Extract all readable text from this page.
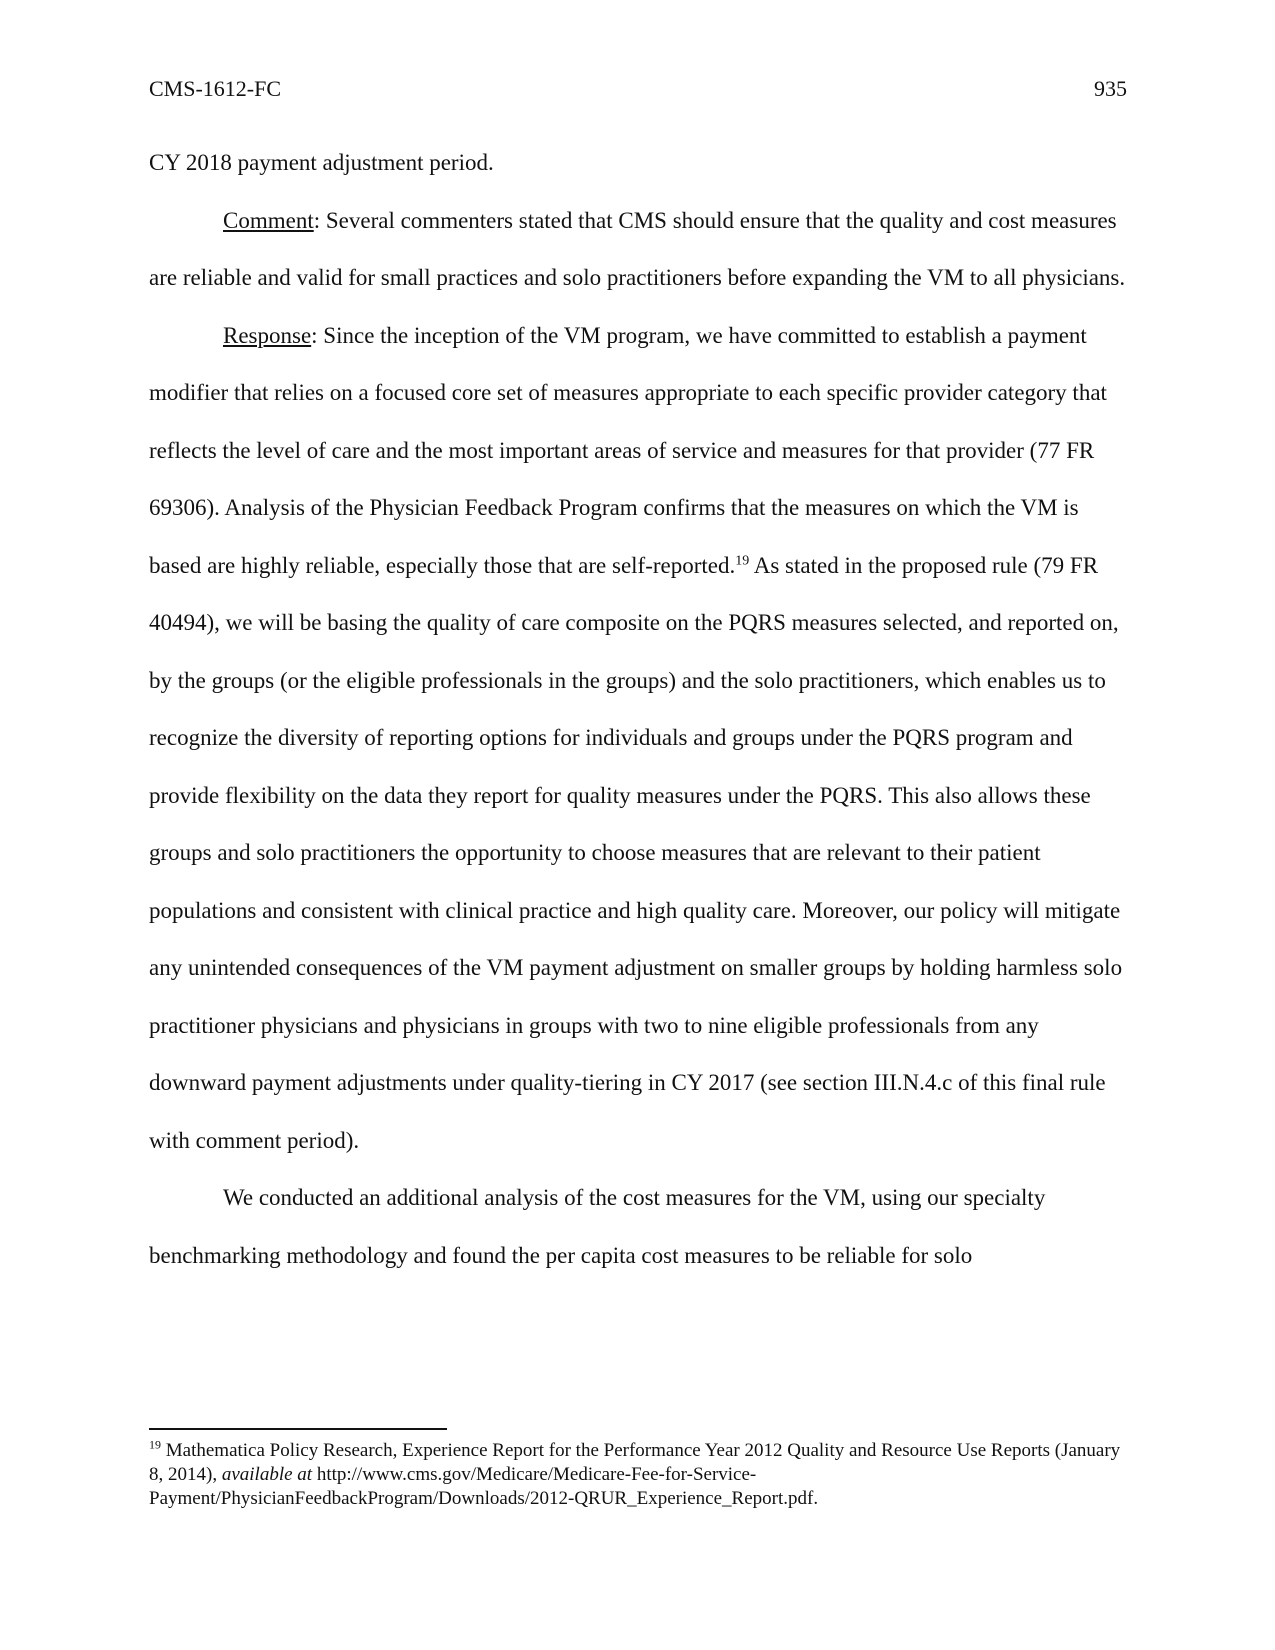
CMS-1612-FC	935

CY 2018 payment adjustment period.

Comment: Several commenters stated that CMS should ensure that the quality and cost measures are reliable and valid for small practices and solo practitioners before expanding the VM to all physicians.

Response: Since the inception of the VM program, we have committed to establish a payment modifier that relies on a focused core set of measures appropriate to each specific provider category that reflects the level of care and the most important areas of service and measures for that provider (77 FR 69306). Analysis of the Physician Feedback Program confirms that the measures on which the VM is based are highly reliable, especially those that are self-reported.$^{19}$ As stated in the proposed rule (79 FR 40494), we will be basing the quality of care composite on the PQRS measures selected, and reported on, by the groups (or the eligible professionals in the groups) and the solo practitioners, which enables us to recognize the diversity of reporting options for individuals and groups under the PQRS program and provide flexibility on the data they report for quality measures under the PQRS. This also allows these groups and solo practitioners the opportunity to choose measures that are relevant to their patient populations and consistent with clinical practice and high quality care. Moreover, our policy will mitigate any unintended consequences of the VM payment adjustment on smaller groups by holding harmless solo practitioner physicians and physicians in groups with two to nine eligible professionals from any downward payment adjustments under quality-tiering in CY 2017 (see section III.N.4.c of this final rule with comment period).

We conducted an additional analysis of the cost measures for the VM, using our specialty benchmarking methodology and found the per capita cost measures to be reliable for solo

$^{19}$ Mathematica Policy Research, Experience Report for the Performance Year 2012 Quality and Resource Use Reports (January 8, 2014), available at http://www.cms.gov/Medicare/Medicare-Fee-for-Service-Payment/PhysicianFeedbackProgram/Downloads/2012-QRUR_Experience_Report.pdf.
